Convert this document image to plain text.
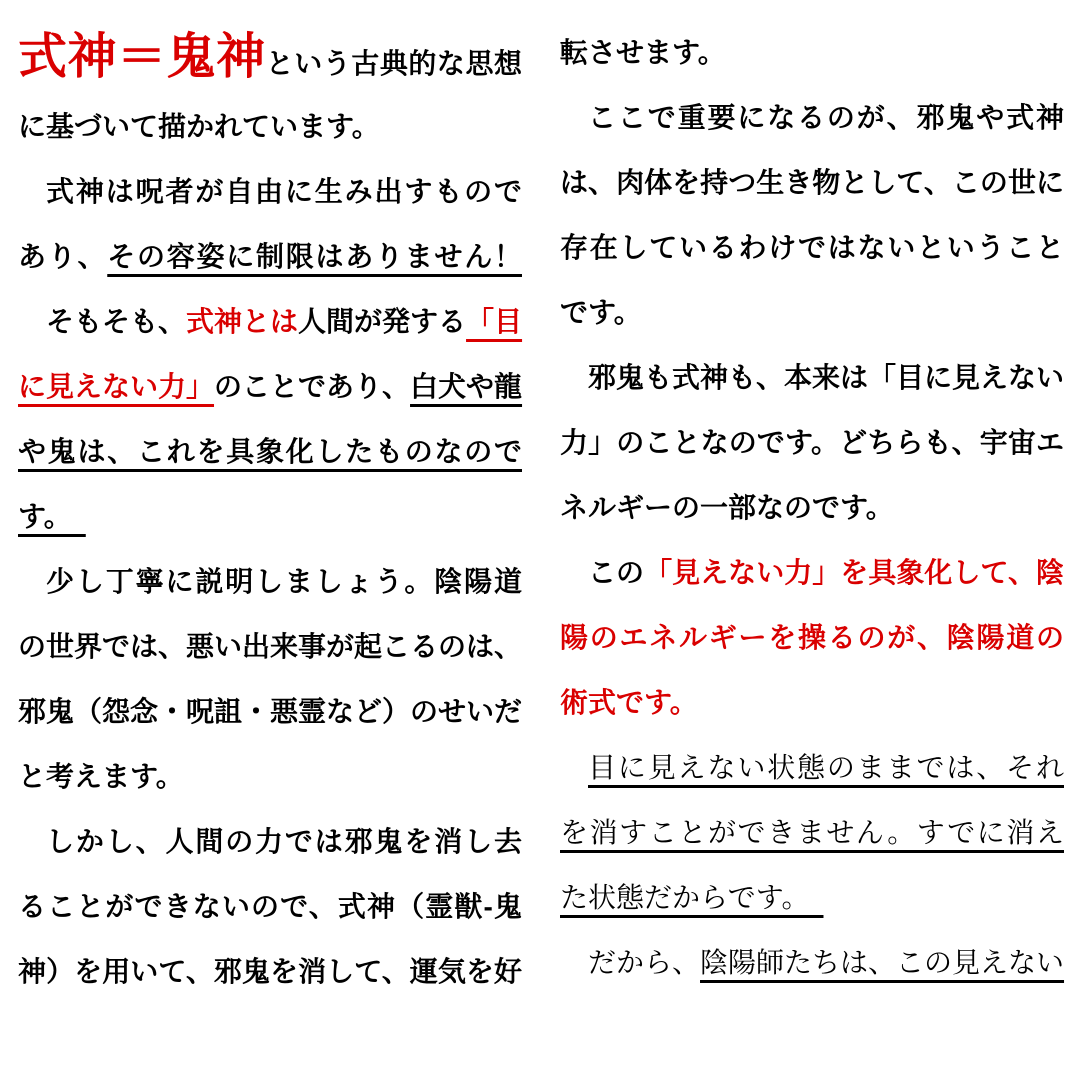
式神＝鬼神という古典的な思想
に基づいて描かれています。
式神は呪者が自由に生み出すもので
あり、その容姿に制限はありません！
そもそも、式神とは人間が発する「目
に見えない力」のことであり、白犬や龍
や鬼は、これを具象化したものなので
す。　
少し丁寧に説明しましょう。陰陽道
の世界では、悪い出来事が起こるのは、
邪鬼（怨念・呪詛・悪霊など）のせいだ
と考えます。
しかし、人間の力では邪鬼を消し去
ることができないので、式神（霊獣-鬼
神）を用いて、邪鬼を消して、運気を好
転させます。
ここで重要になるのが、邪鬼や式神
は、肉体を持つ生き物として、この世に
存在しているわけではないということ
です。
邪鬼も式神も、本来は「目に見えない
力」のことなのです。どちらも、宇宙エ
ネルギーの一部なのです。
この「見えない力」を具象化して、陰
陽のエネルギーを操るのが、陰陽道の
術式です。
目に見えない状態のままでは、それ
を消すことができません。すでに消え
た状態だからです。　
だから、陰陽師たちは、この見えない
